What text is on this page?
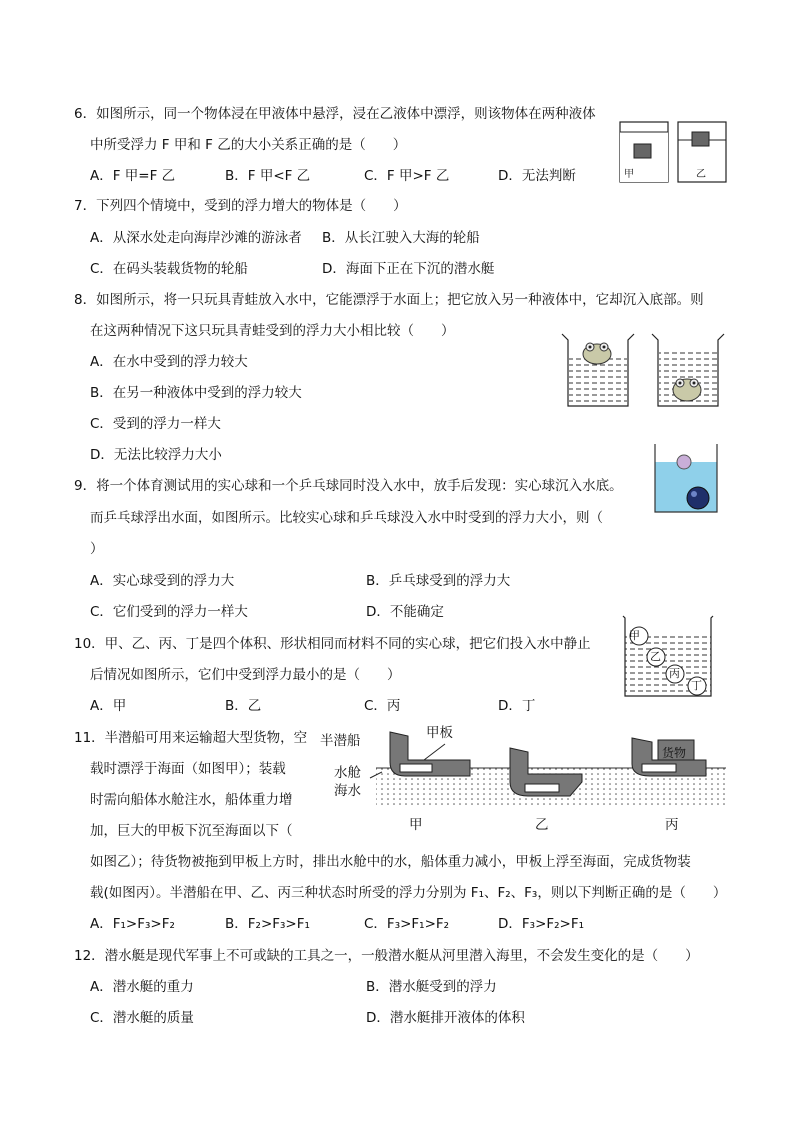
6．如图所示，同一个物体浸在甲液体中悬浮，浸在乙液体中漂浮，则该物体在两种液体
中所受浮力 F 甲和 F 乙的大小关系正确的是（　　）
A．F 甲=F 乙	B．F 甲<F 乙	C．F 甲>F 乙	D．无法判断	甲	乙
7．下列四个情境中，受到的浮力增大的物体是（　　）
A．从深水处走向海岸沙滩的游泳者 B．从长江驶入大海的轮船
C．在码头装载货物的轮船	D．海面下正在下沉的潜水艇
8．如图所示，将一只玩具青蛙放入水中，它能漂浮于水面上；把它放入另一种液体中，它却沉入底部。则
在这两种情况下这只玩具青蛙受到的浮力大小相比较（　　）
A．在水中受到的浮力较大
B．在另一种液体中受到的浮力较大
C．受到的浮力一样大
D．无法比较浮力大小
9．将一个体育测试用的实心球和一个乒乓球同时没入水中，放手后发现：实心球沉入水底。
而乒乓球浮出水面，如图所示。比较实心球和乒乓球没入水中时受到的浮力大小，则（
）
A．实心球受到的浮力大	B．乒乓球受到的浮力大
C．它们受到的浮力一样大	D．不能确定
10．甲、乙、丙、丁是四个体积、形状相同而材料不同的实心球，把它们投入水中静止
后情况如图所示，它们中受到浮力最小的是（　　）
A．甲	B．乙	C．丙	D．丁
甲
乙
丙
丁
11．半潜船可用来运输超大型货物，空
载时漂浮于海面（如图甲）；装载
时需向船体水舱注水，船体重力增
加，巨大的甲板下沉至海面以下（
如图乙）；待货物被拖到甲板上方时，排出水舱中的水，船体重力减小，甲板上浮至海面，完成货物装
载(如图丙）。半潜船在甲、乙、丙三种状态时所受的浮力分别为 F₁、F₂、F₃，则以下判断正确的是（　　）
A．F₁>F₃>F₂	B．F₂>F₃>F₁	C．F₃>F₁>F₂	D．F₃>F₂>F₁
半潜船	甲板
水舱
海水
货物
甲	乙	丙
12．潜水艇是现代军事上不可或缺的工具之一，一般潜水艇从河里潜入海里，不会发生变化的是（　　）
A．潜水艇的重力	B．潜水艇受到的浮力
C．潜水艇的质量	D．潜水艇排开液体的体积
